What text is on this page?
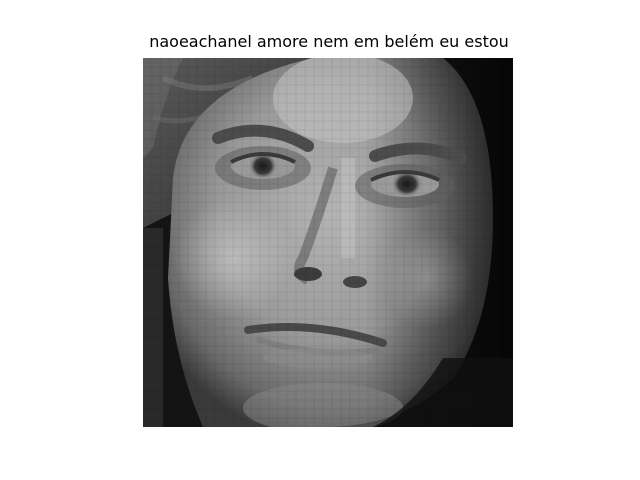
naoeachanel amore nem em belém eu estou
